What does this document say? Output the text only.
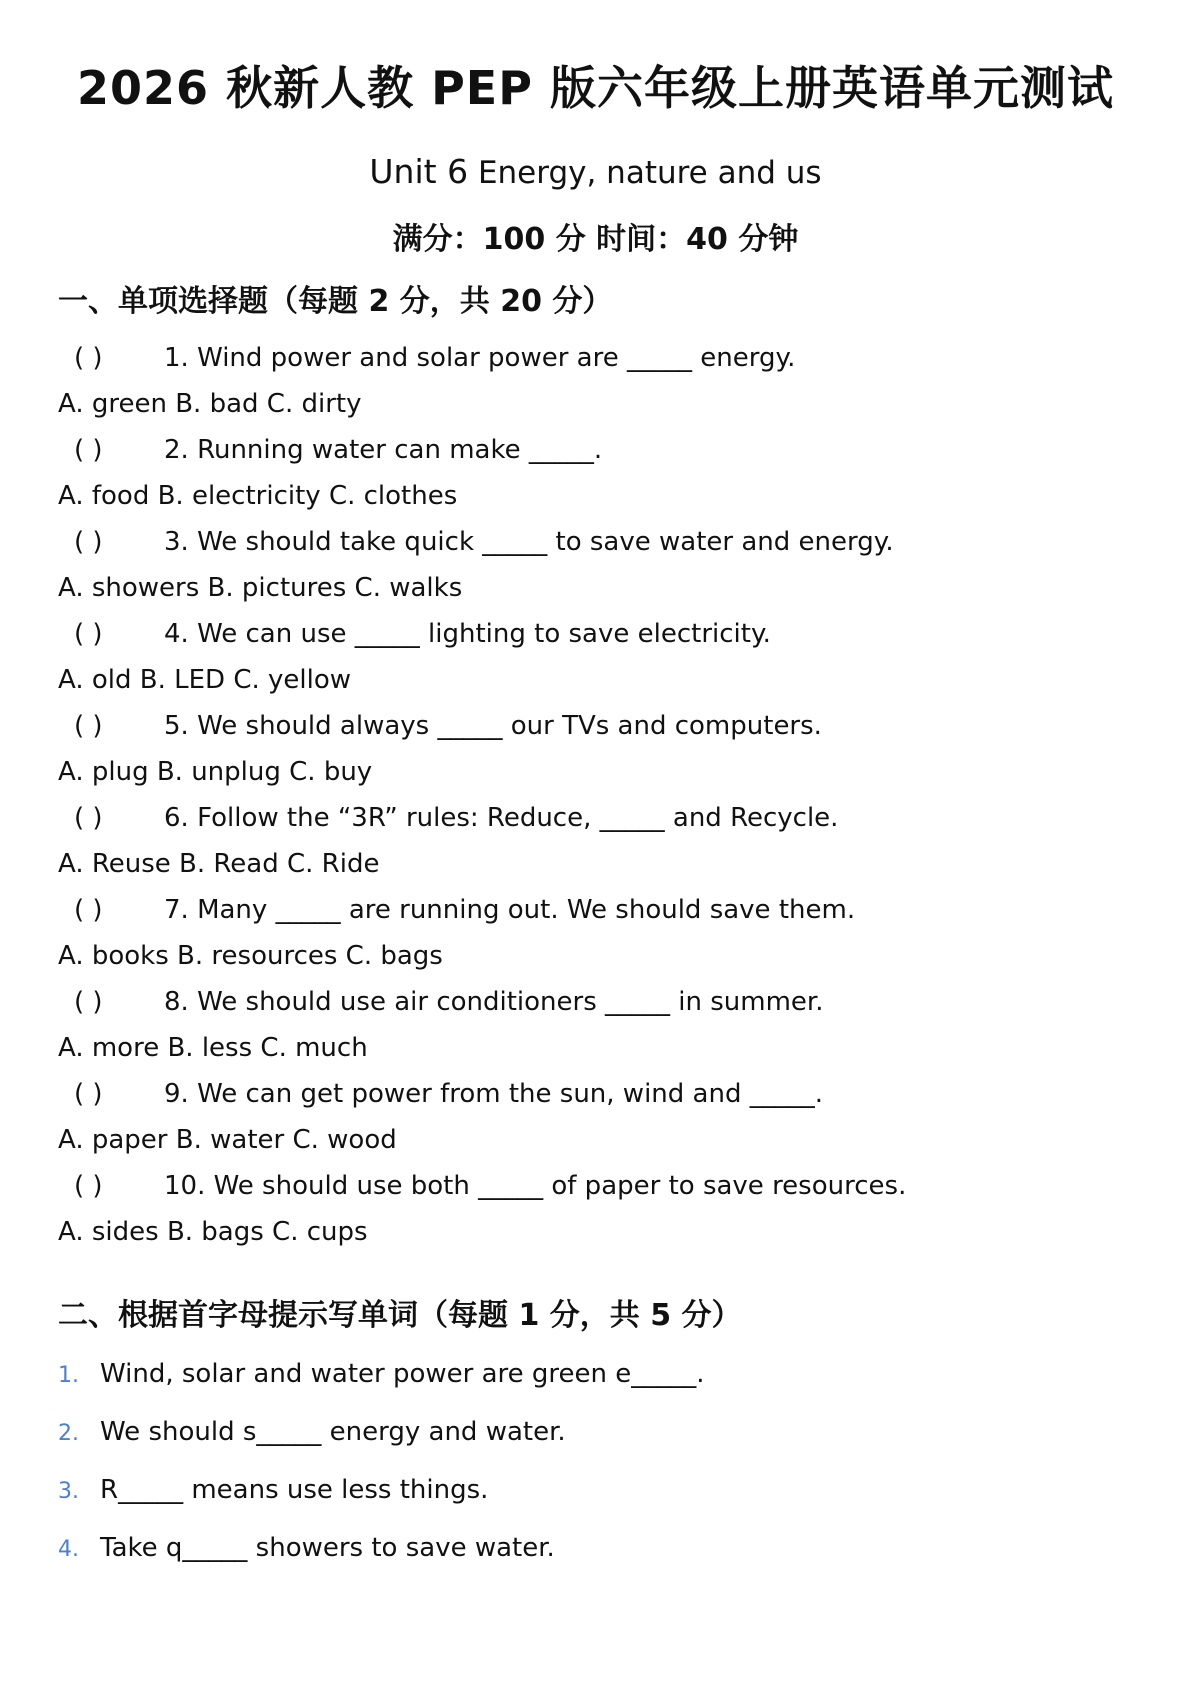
2026 秋新人教 PEP 版六年级上册英语单元测试
Unit 6 Energy, nature and us
满分：100 分 时间：40 分钟
一、单项选择题（每题 2 分，共 20 分）
( ) 1. Wind power and solar power are _____ energy.
A. green B. bad C. dirty
( ) 2. Running water can make _____.
A. food B. electricity C. clothes
( ) 3. We should take quick _____ to save water and energy.
A. showers B. pictures C. walks
( ) 4. We can use _____ lighting to save electricity.
A. old B. LED C. yellow
( ) 5. We should always _____ our TVs and computers.
A. plug B. unplug C. buy
( ) 6. Follow the “3R” rules: Reduce, _____ and Recycle.
A. Reuse B. Read C. Ride
( ) 7. Many _____ are running out. We should save them.
A. books B. resources C. bags
( ) 8. We should use air conditioners _____ in summer.
A. more B. less C. much
( ) 9. We can get power from the sun, wind and _____.
A. paper B. water C. wood
( ) 10. We should use both _____ of paper to save resources.
A. sides B. bags C. cups
二、根据首字母提示写单词（每题 1 分，共 5 分）
1. Wind, solar and water power are green e_____.
2. We should s_____ energy and water.
3. R_____ means use less things.
4. Take q_____ showers to save water.
